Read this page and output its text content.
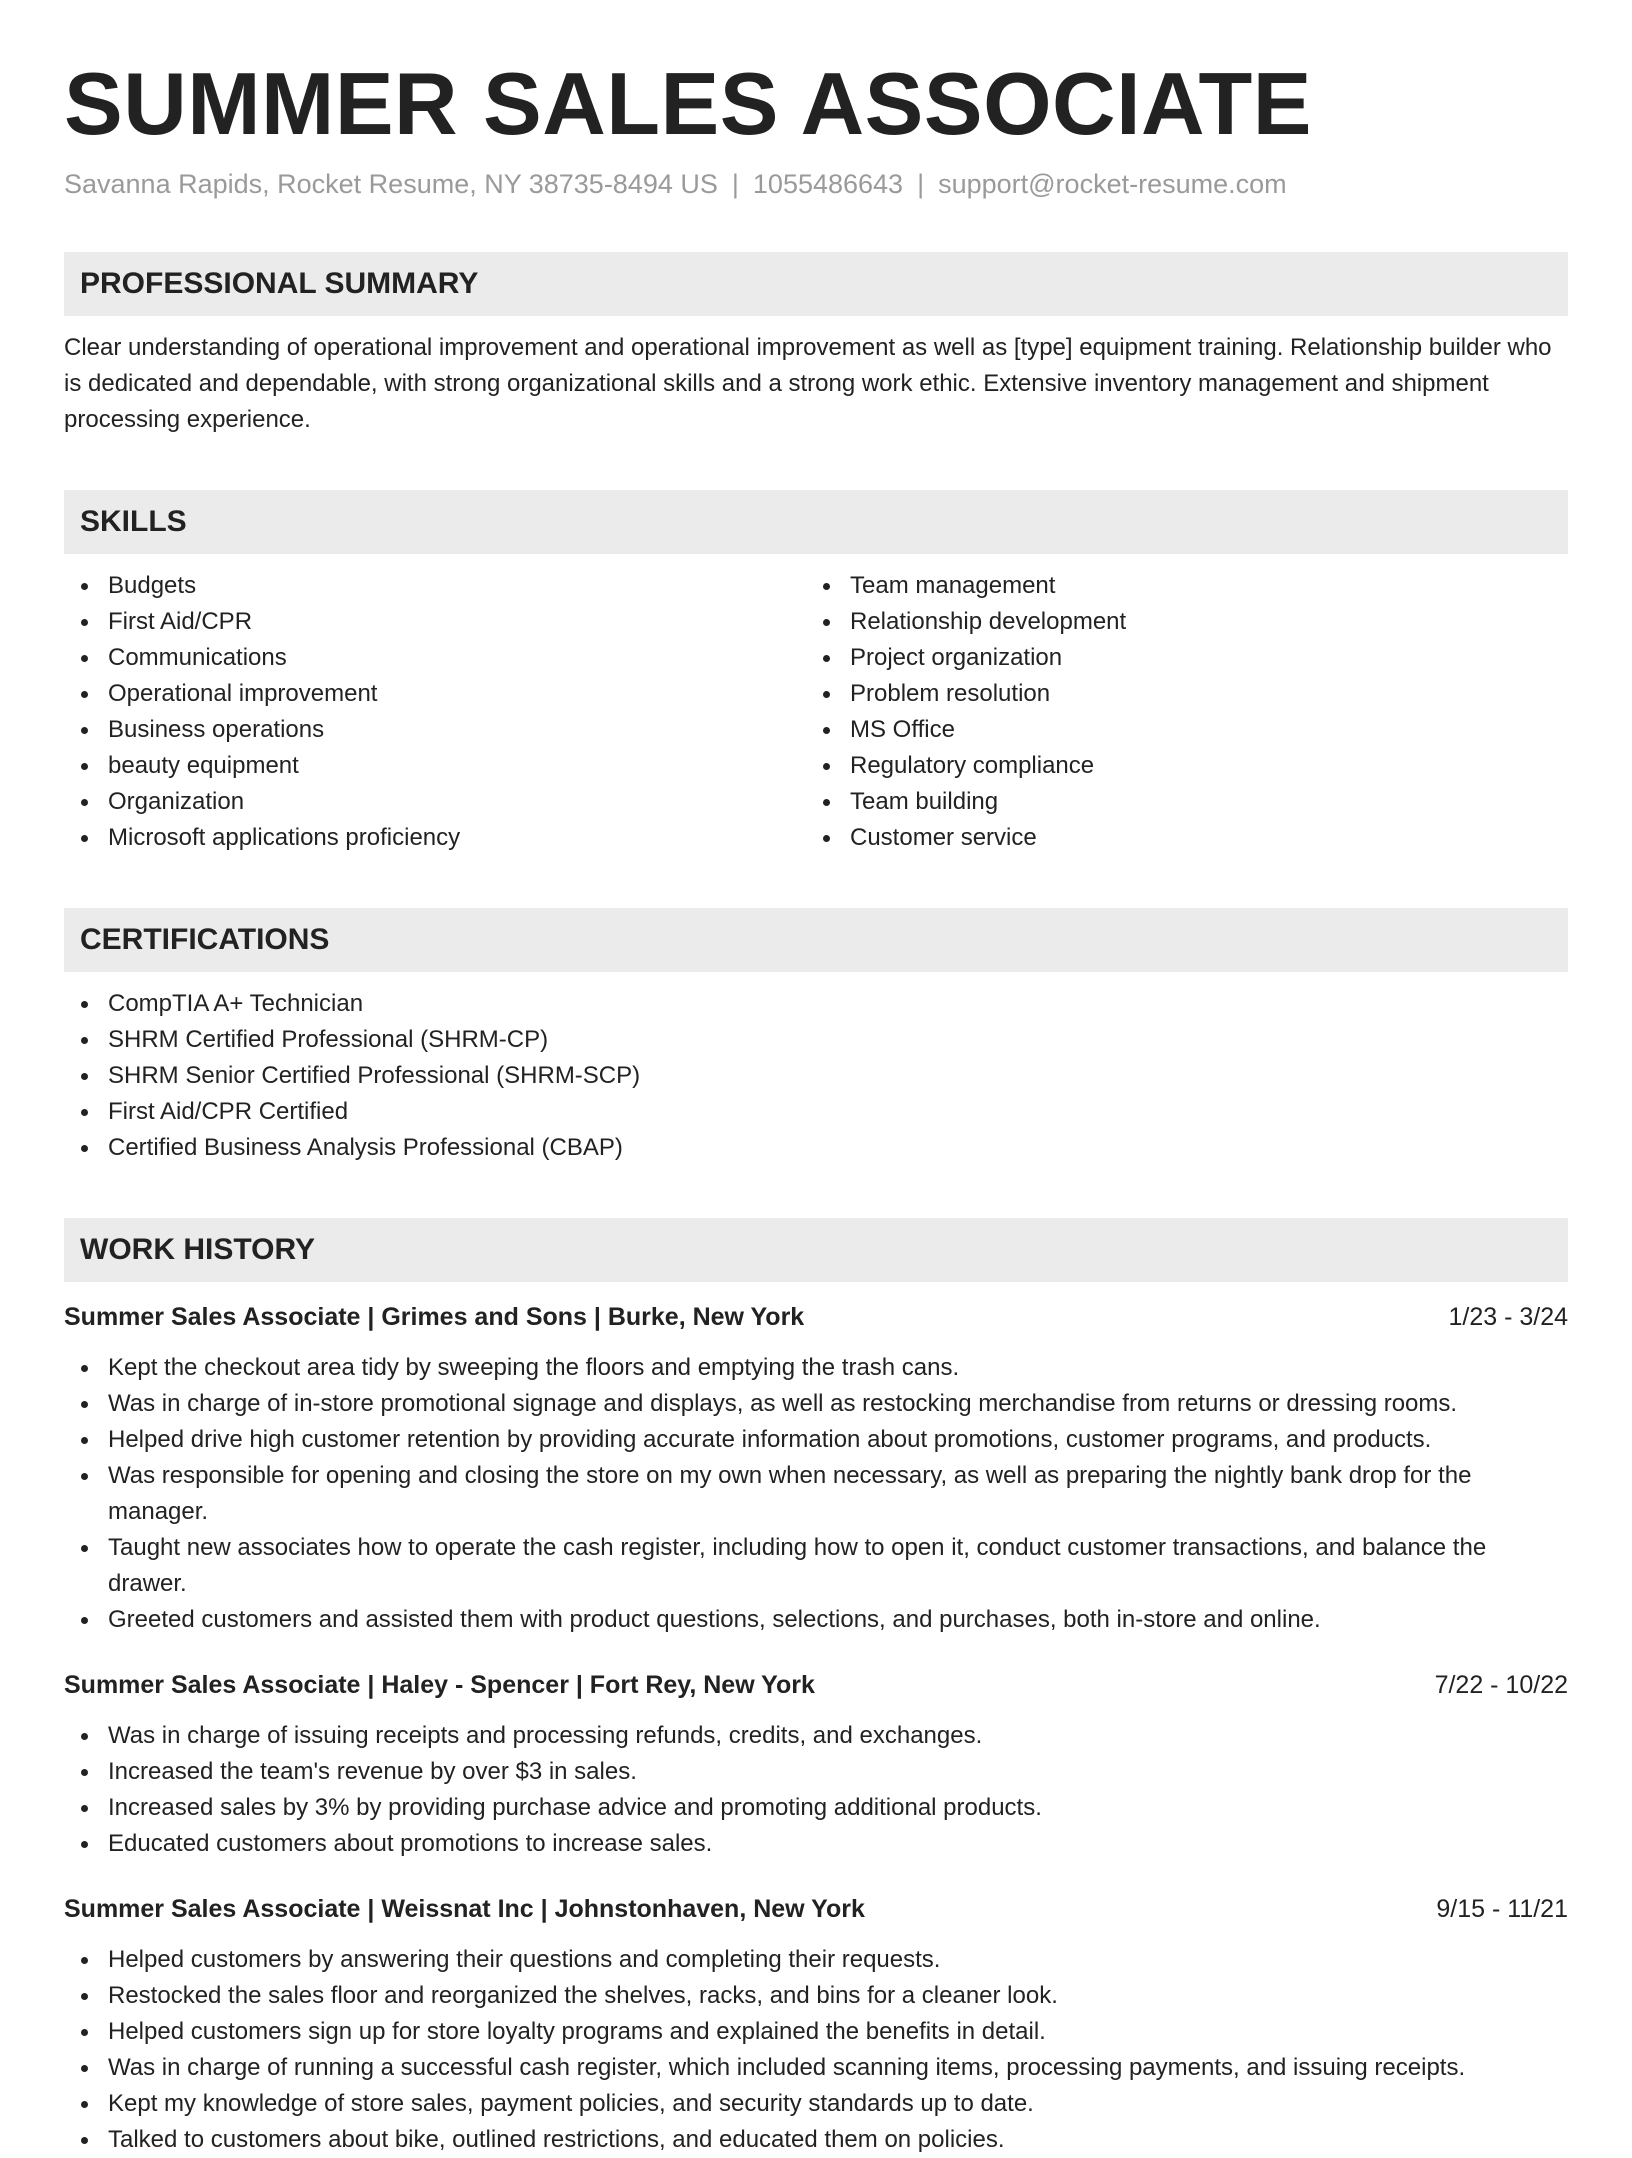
SUMMER SALES ASSOCIATE
Savanna Rapids, Rocket Resume, NY 38735-8494 US | 1055486643 | support@rocket-resume.com
PROFESSIONAL SUMMARY

Clear understanding of operational improvement and operational improvement as well as [type] equipment training. Relationship builder who is dedicated and dependable, with strong organizational skills and a strong work ethic. Extensive inventory management and shipment processing experience.

SKILLS
Budgets
First Aid/CPR
Communications
Operational improvement
Business operations
beauty equipment
Organization
Microsoft applications proficiency
Team management
Relationship development
Project organization
Problem resolution
MS Office
Regulatory compliance
Team building
Customer service
CERTIFICATIONS
CompTIA A+ Technician
SHRM Certified Professional (SHRM-CP)
SHRM Senior Certified Professional (SHRM-SCP)
First Aid/CPR Certified
Certified Business Analysis Professional (CBAP)
WORK HISTORY
Summer Sales Associate | Grimes and Sons | Burke, New York	1/23 - 3/24
Kept the checkout area tidy by sweeping the floors and emptying the trash cans.
Was in charge of in-store promotional signage and displays, as well as restocking merchandise from returns or dressing rooms.
Helped drive high customer retention by providing accurate information about promotions, customer programs, and products.
Was responsible for opening and closing the store on my own when necessary, as well as preparing the nightly bank drop for the manager.
Taught new associates how to operate the cash register, including how to open it, conduct customer transactions, and balance the drawer.
Greeted customers and assisted them with product questions, selections, and purchases, both in-store and online.
Summer Sales Associate | Haley - Spencer | Fort Rey, New York	7/22 - 10/22
Was in charge of issuing receipts and processing refunds, credits, and exchanges.
Increased the team's revenue by over $3 in sales.
Increased sales by 3% by providing purchase advice and promoting additional products.
Educated customers about promotions to increase sales.
Summer Sales Associate | Weissnat Inc | Johnstonhaven, New York	9/15 - 11/21
Helped customers by answering their questions and completing their requests.
Restocked the sales floor and reorganized the shelves, racks, and bins for a cleaner look.
Helped customers sign up for store loyalty programs and explained the benefits in detail.
Was in charge of running a successful cash register, which included scanning items, processing payments, and issuing receipts.
Kept my knowledge of store sales, payment policies, and security standards up to date.
Talked to customers about bike, outlined restrictions, and educated them on policies.
